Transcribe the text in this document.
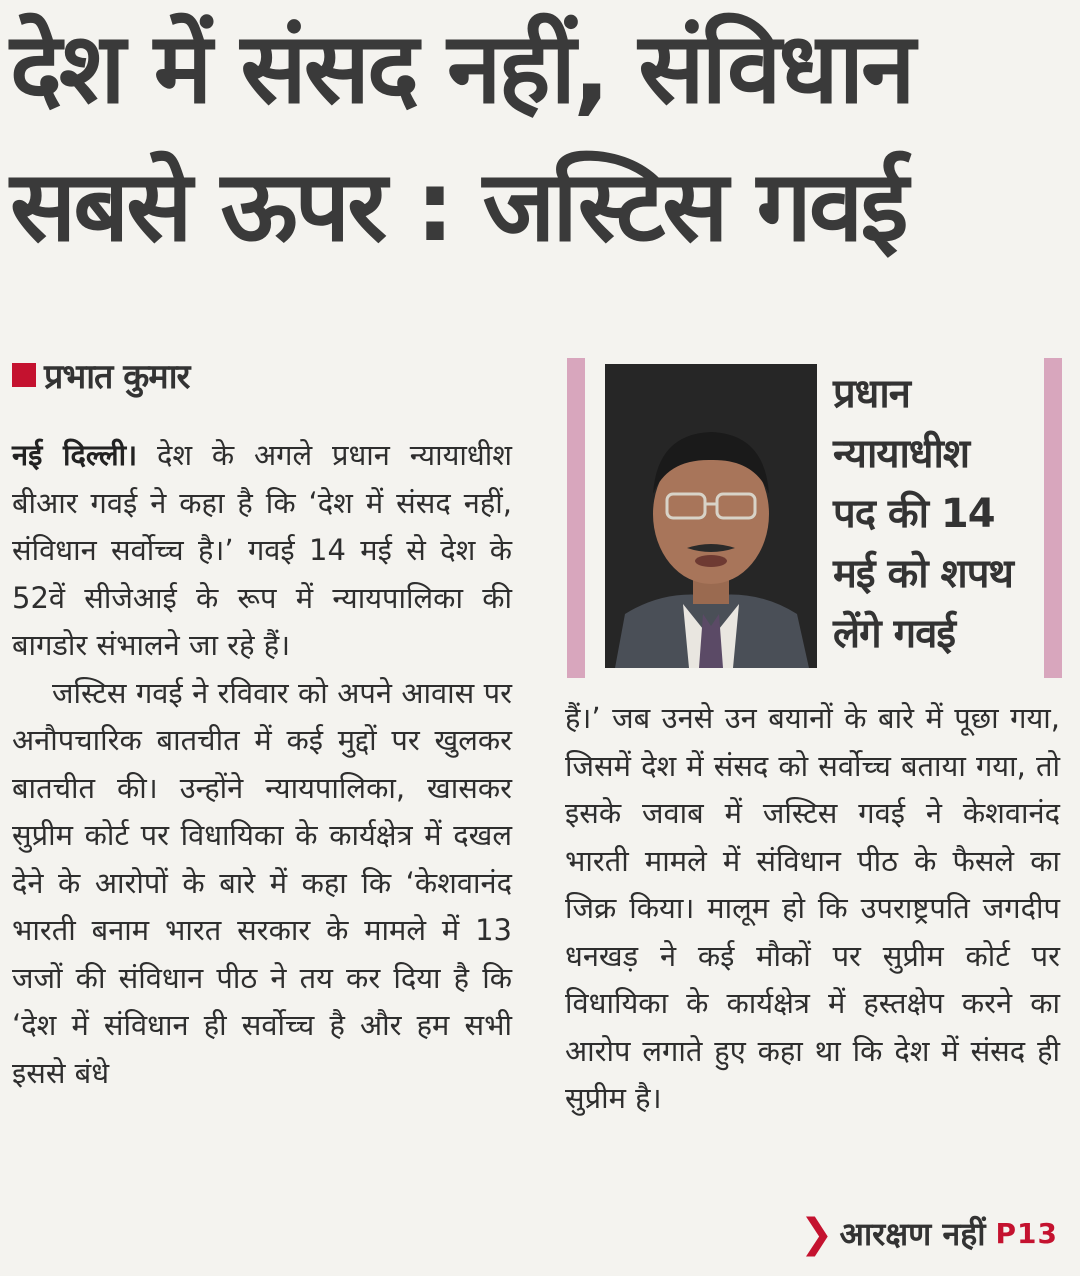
देश में संसद नहीं, संविधान
सबसे ऊपर : जस्टिस गवई
प्रभात कुमार

नई दिल्ली। देश के अगले प्रधान न्यायाधीश बीआर गवई ने कहा है कि ‘देश में संसद नहीं, संविधान सर्वोच्च है।’ गवई 14 मई से देश के 52वें सीजेआई के रूप में न्यायपालिका की बागडोर संभालने जा रहे हैं।

जस्टिस गवई ने रविवार को अपने आवास पर अनौपचारिक बातचीत में कई मुद्दों पर खुलकर बातचीत की। उन्होंने न्यायपालिका, खासकर सुप्रीम कोर्ट पर विधायिका के कार्यक्षेत्र में दखल देने के आरोपों के बारे में कहा कि ‘केशवानंद भारती बनाम भारत सरकार के मामले में 13 जजों की संविधान पीठ ने तय कर दिया है कि ‘देश में संविधान ही सर्वोच्च है और हम सभी इससे बंधे

प्रधान
न्यायाधीश
पद की 14
मई को शपथ
लेंगे गवई

हैं।’ जब उनसे उन बयानों के बारे में पूछा गया, जिसमें देश में संसद को सर्वोच्च बताया गया, तो इसके जवाब में जस्टिस गवई ने केशवानंद भारती मामले में संविधान पीठ के फैसले का जिक्र किया। मालूम हो कि उपराष्ट्रपति जगदीप धनखड़ ने कई मौकों पर सुप्रीम कोर्ट पर विधायिका के कार्यक्षेत्र में हस्तक्षेप करने का आरोप लगाते हुए कहा था कि देश में संसद ही सुप्रीम है।

❯ आरक्षण नहीं P13
